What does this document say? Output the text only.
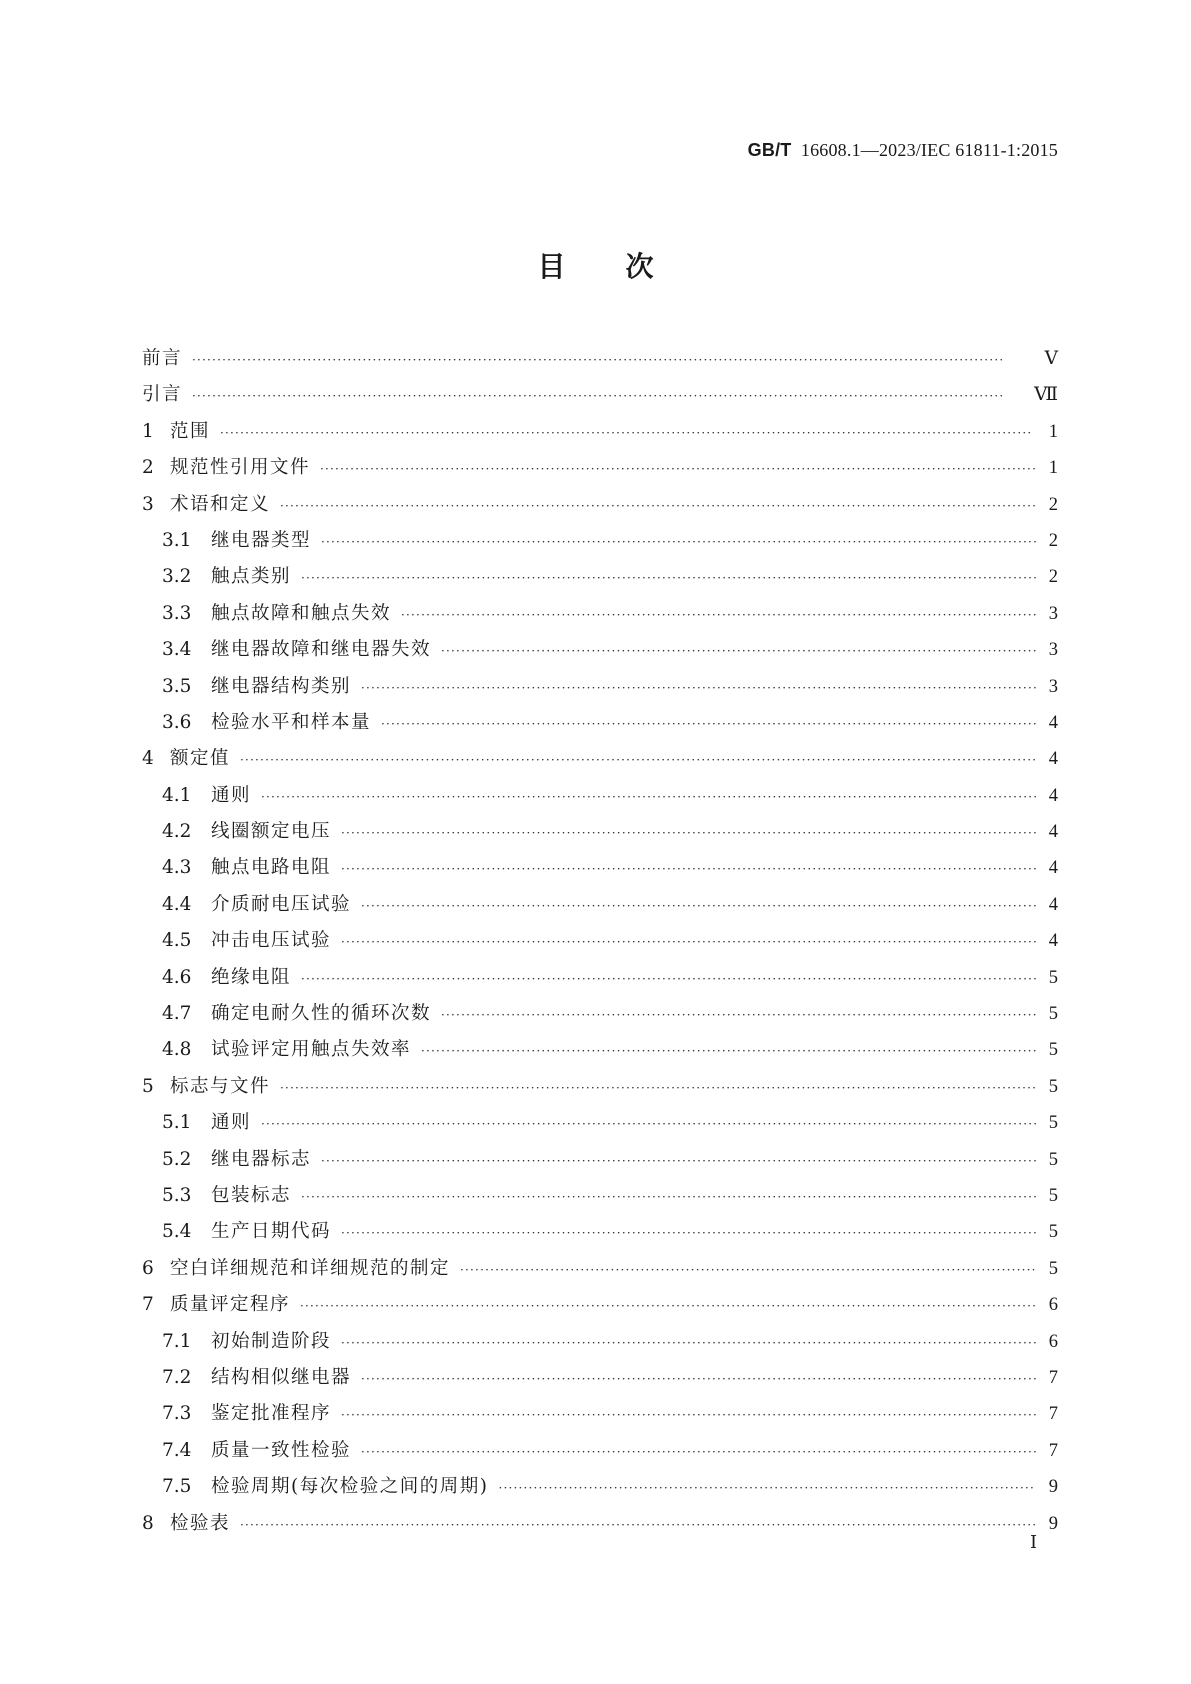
GB/T 16608.1—2023/IEC 61811-1:2015
目次
前言 ·····	Ⅴ
引言 ·····	Ⅶ
1 范围 ·····	1
2 规范性引用文件 ·····	1
3 术语和定义 ·····	2
3.1	继电器类型 ·····	2
3.2	触点类别 ·····	2
3.3	触点故障和触点失效 ·····	3
3.4	继电器故障和继电器失效 ·····	3
3.5	继电器结构类别 ·····	3
3.6	检验水平和样本量 ·····	4
4 额定值 ·····	4
4.1	通则 ·····	4
4.2	线圈额定电压 ·····	4
4.3	触点电路电阻 ·····	4
4.4	介质耐电压试验 ·····	4
4.5	冲击电压试验 ·····	4
4.6	绝缘电阻 ·····	5
4.7	确定电耐久性的循环次数 ·····	5
4.8	试验评定用触点失效率 ·····	5
5 标志与文件 ·····	5
5.1	通则 ·····	5
5.2	继电器标志 ·····	5
5.3	包装标志 ·····	5
5.4	生产日期代码 ·····	5
6 空白详细规范和详细规范的制定 ·····	5
7 质量评定程序 ·····	6
7.1	初始制造阶段 ·····	6
7.2	结构相似继电器 ·····	7
7.3	鉴定批准程序 ·····	7
7.4	质量一致性检验 ·····	7
7.5	检验周期(每次检验之间的周期) ·····	9
8 检验表 ·····	9
Ⅰ
